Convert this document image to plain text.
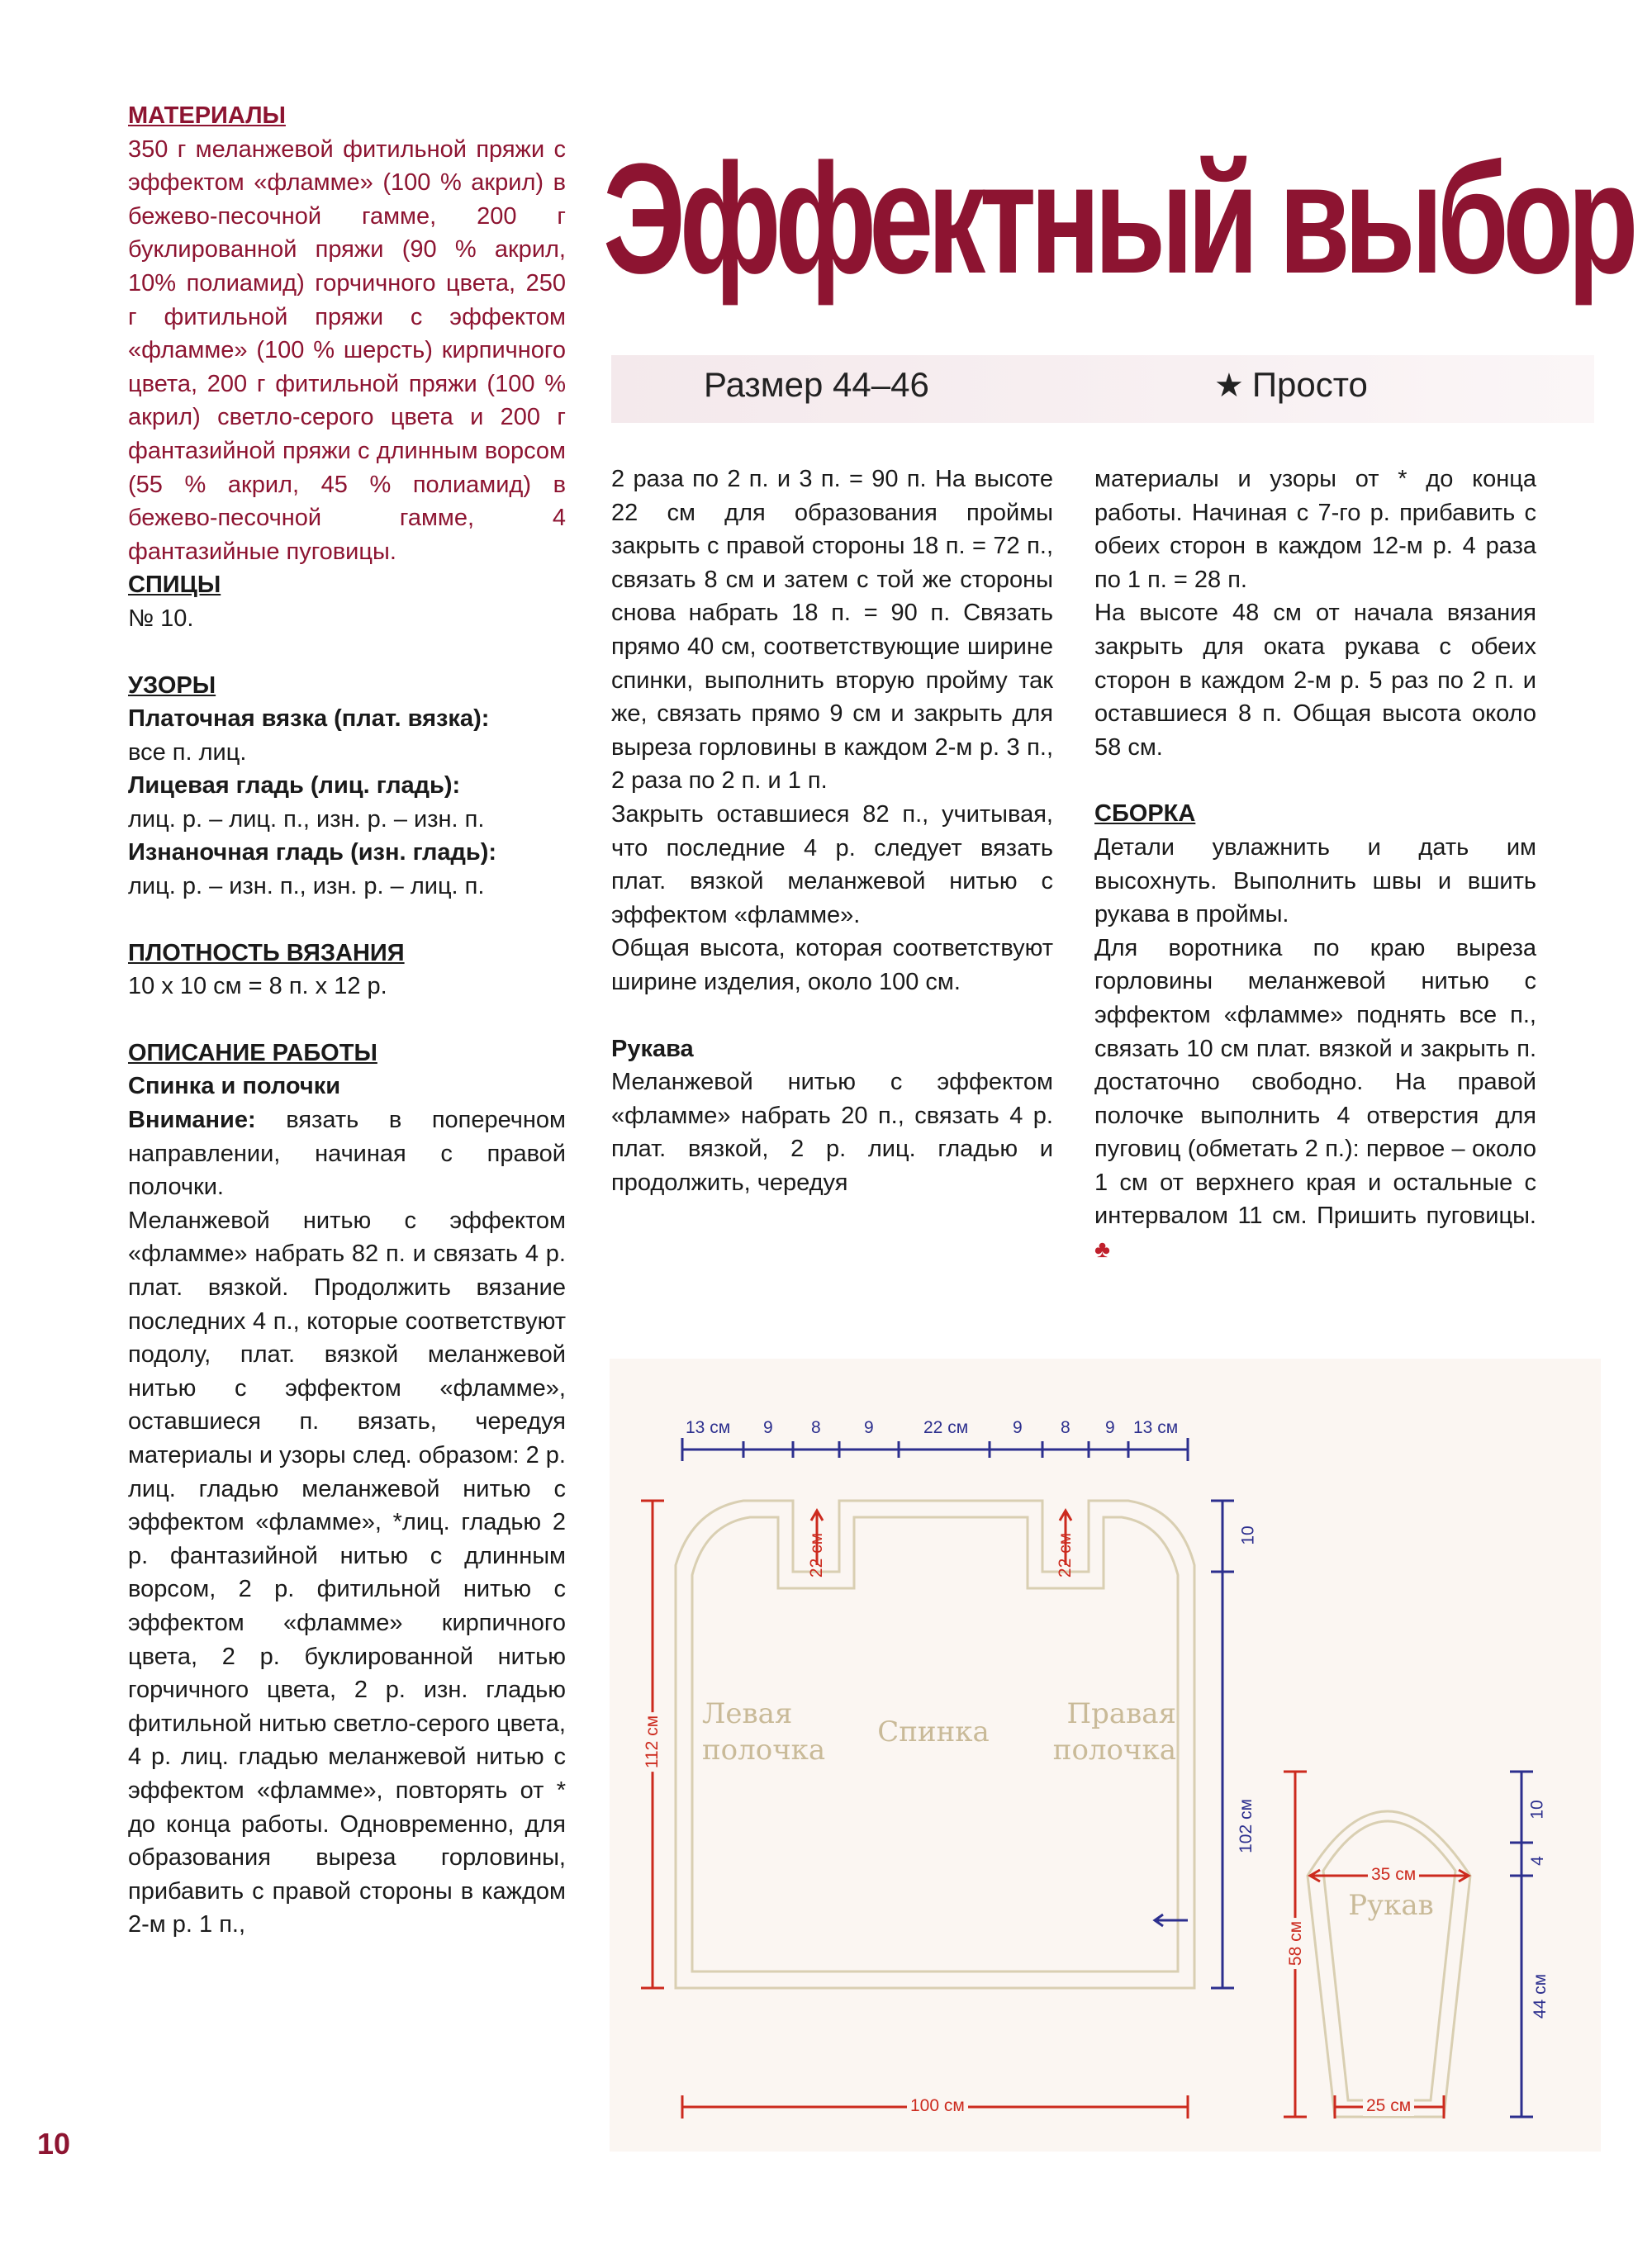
Эффектный выбор
Размер 44–46	★ Просто

МАТЕРИАЛЫ

350 г меланжевой фитильной пряжи с эффектом «фламме» (100 % акрил) в бежево-песочной гамме, 200 г буклированной пряжи (90 % акрил, 10% полиамид) горчичного цвета, 250 г фитильной пряжи с эффектом «фламме» (100 % шерсть) кирпичного цвета, 200 г фитильной пряжи (100 % акрил) светло-серого цвета и 200 г фантазийной пряжи с длинным ворсом (55 % акрил, 45 % полиамид) в бежево-песочной гамме, 4 фантазийные пуговицы.

СПИЦЫ

№ 10.

УЗОРЫ

Платочная вязка (плат. вязка):

все п. лиц.

Лицевая гладь (лиц. гладь):

лиц. р. – лиц. п., изн. р. – изн. п.

Изнаночная гладь (изн. гладь):

лиц. р. – изн. п., изн. р. – лиц. п.

ПЛОТНОСТЬ ВЯЗАНИЯ

10 х 10 см = 8 п. х 12 р.

ОПИСАНИЕ РАБОТЫ

Спинка и полочки

Внимание: вязать в поперечном направлении, начиная с правой полочки.

Меланжевой нитью с эффектом «фламме» набрать 82 п. и связать 4 р. плат. вязкой. Продолжить вязание последних 4 п., которые соответствуют подолу, плат. вязкой меланжевой нитью с эффектом «фламме», оставшиеся п. вязать, чередуя материалы и узоры след. образом: 2 р. лиц. гладью меланжевой нитью с эффектом «фламме», *лиц. гладью 2 р. фантазийной нитью с длинным ворсом, 2 р. фитильной нитью с эффектом «фламме» кирпичного цвета, 2 р. буклированной нитью горчичного цвета, 2 р. изн. гладью фитильной нитью светло-серого цвета, 4 р. лиц. гладью меланжевой нитью с эффектом «фламме», повторять от * до конца работы. Одновременно, для образования выреза горловины, прибавить с правой стороны в каждом 2-м р. 1 п.,

2 раза по 2 п. и 3 п. = 90 п. На высоте 22 см для образования проймы закрыть с правой стороны 18 п. = 72 п., связать 8 см и затем с той же стороны снова набрать 18 п. = 90 п. Связать прямо 40 см, соответствующие ширине спинки, выполнить вторую пройму так же, связать прямо 9 см и закрыть для выреза горловины в каждом 2-м р. 3 п., 2 раза по 2 п. и 1 п.

Закрыть оставшиеся 82 п., учитывая, что последние 4 р. следует вязать плат. вязкой меланжевой нитью с эффектом «фламме».

Общая высота, которая соответствуют ширине изделия, около 100 см.

Рукава

Меланжевой нитью с эффектом «фламме» набрать 20 п., связать 4 р. плат. вязкой, 2 р. лиц. гладью и продолжить, чередуя

материалы и узоры от * до конца работы. Начиная с 7-го р. прибавить с обеих сторон в каждом 12-м р. 4 раза по 1 п. = 28 п.

На высоте 48 см от начала вязания закрыть для оката рукава с обеих сторон в каждом 2-м р. 5 раз по 2 п. и оставшиеся 8 п. Общая высота около 58 см.

СБОРКА

Детали увлажнить и дать им высохнуть. Выполнить швы и вшить рукава в проймы.

Для воротника по краю выреза горловины меланжевой нитью с эффектом «фламме» поднять все п., связать 10 см плат. вязкой и закрыть п. достаточно свободно. На правой полочке выполнить 4 отверстия для пуговиц (обметать 2 п.): первое – около 1 см от верхнего края и остальные с интервалом 11 см. Пришить пуговицы. ♣

10
13 см 9 8 9	22 см	9 8 9 13 см
22 см	22 см
Левая полочка
Спинка
Правая полочка
Рукав
112 см
10
102 см
100 см
35 см
58 см
4
10
44 см
25 см
